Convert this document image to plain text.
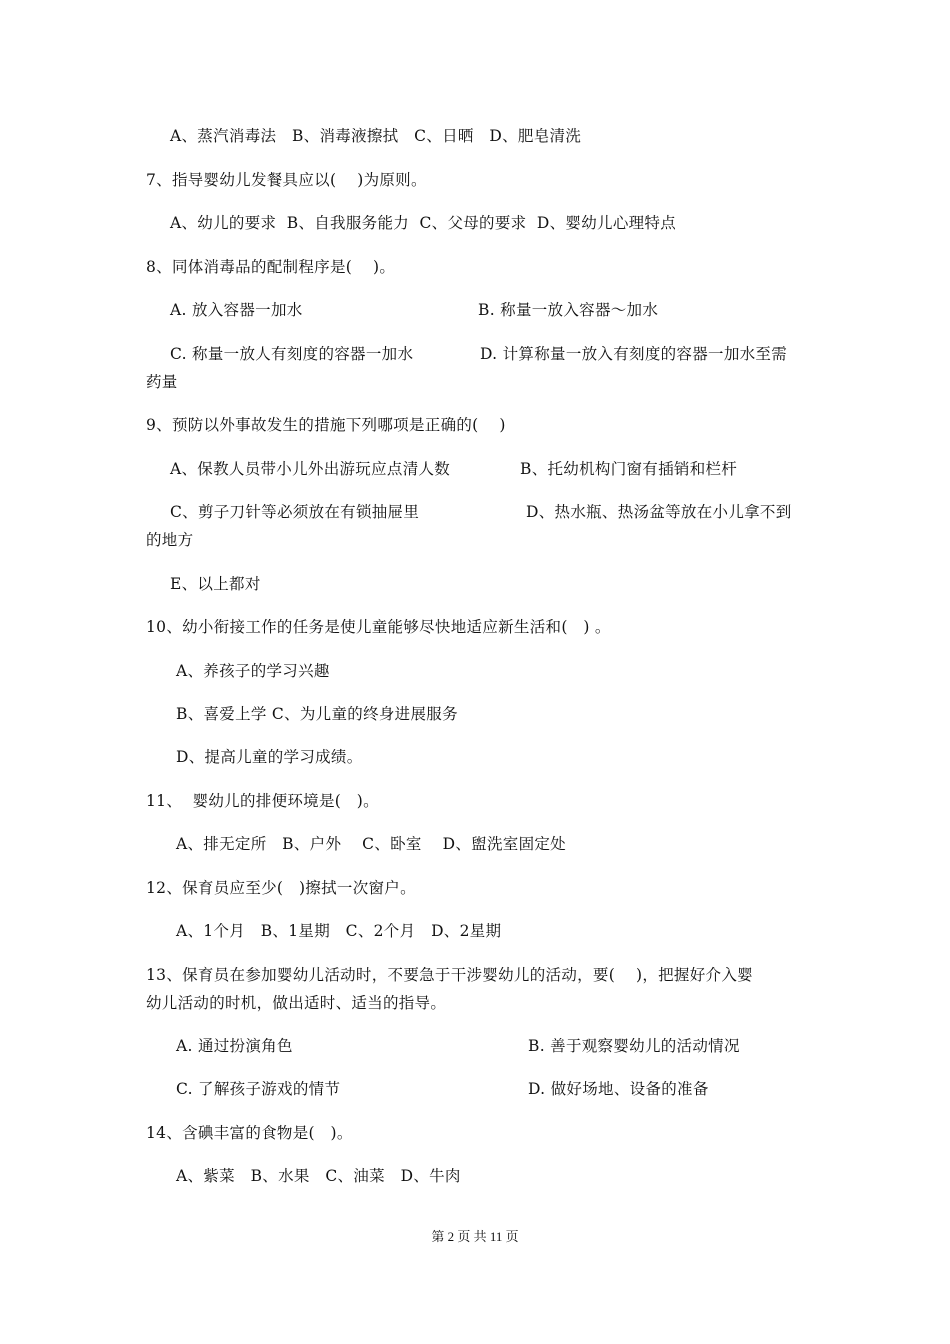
A、蒸汽消毒法   B、消毒液擦拭   C、日晒   D、肥皂清洗
7、指导婴幼儿发餐具应以(    )为原则。
A、幼儿的要求  B、自我服务能力  C、父母的要求  D、婴幼儿心理特点
8、同体消毒品的配制程序是(    )。
A. 放入容器一加水	B. 称量一放入容器～加水
C. 称量一放人有刻度的容器一加水	D. 计算称量一放入有刻度的容器一加水至需
药量
9、预防以外事故发生的措施下列哪项是正确的(    )
A、保教人员带小儿外出游玩应点清人数	B、托幼机构门窗有插销和栏杆
C、剪子刀针等必须放在有锁抽屉里	D、热水瓶、热汤盆等放在小儿拿不到
的地方
E、以上都对
10、幼小衔接工作的任务是使儿童能够尽快地适应新生活和(   ) 。
A、养孩子的学习兴趣
B、喜爱上学 C、为儿童的终身进展服务
D、提高儿童的学习成绩。
11、  婴幼儿的排便环境是(   )。
A、排无定所   B、户外    C、卧室    D、盥洗室固定处
12、保育员应至少(   )擦拭一次窗户。
A、1个月   B、1星期   C、2个月   D、2星期
13、保育员在参加婴幼儿活动时，不要急于干涉婴幼儿的活动，要(    )，把握好介入婴
幼儿活动的时机，做出适时、适当的指导。
A. 通过扮演角色	B. 善于观察婴幼儿的活动情况
C. 了解孩子游戏的情节	D. 做好场地、设备的准备
14、含碘丰富的食物是(   )。
A、紫菜   B、水果   C、油菜   D、牛肉
第 2 页 共 11 页
